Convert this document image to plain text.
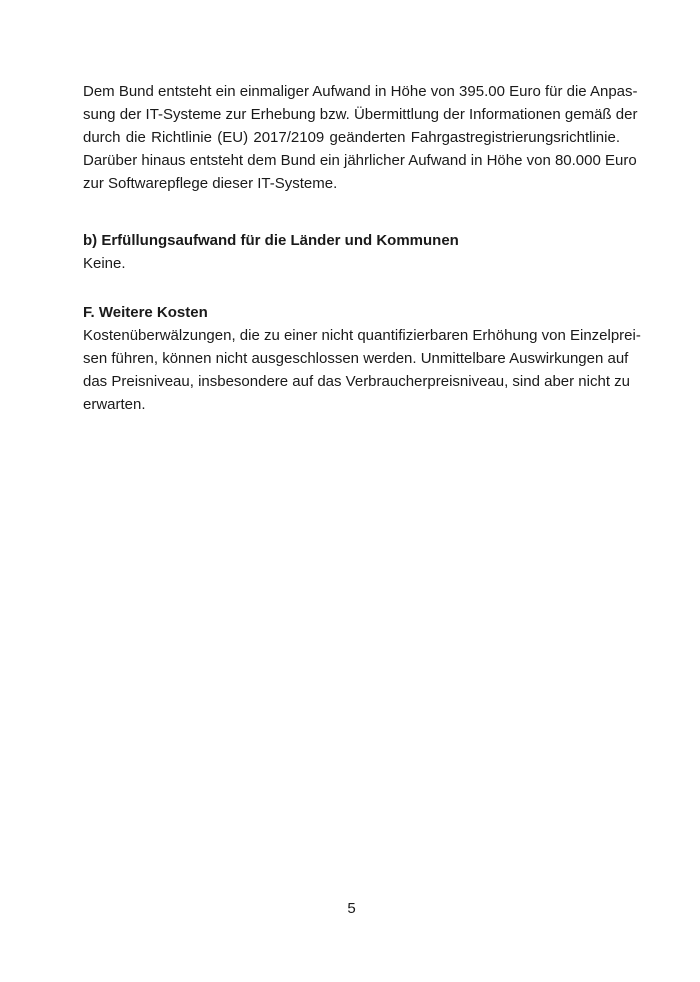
Dem Bund entsteht ein einmaliger Aufwand in Höhe von 395.00 Euro für die Anpas-
sung der IT-Systeme zur Erhebung bzw. Übermittlung der Informationen gemäß der
durch die Richtlinie (EU) 2017/2109 geänderten Fahrgastregistrierungsrichtlinie.
Darüber hinaus entsteht dem Bund ein jährlicher Aufwand in Höhe von 80.000 Euro
zur Softwarepflege dieser IT-Systeme.
b) Erfüllungsaufwand für die Länder und Kommunen
Keine.
F. Weitere Kosten
Kostenüberwälzungen, die zu einer nicht quantifizierbaren Erhöhung von Einzelprei-
sen führen, können nicht ausgeschlossen werden. Unmittelbare Auswirkungen auf
das Preisniveau, insbesondere auf das Verbraucherpreisniveau, sind aber nicht zu
erwarten.
5
